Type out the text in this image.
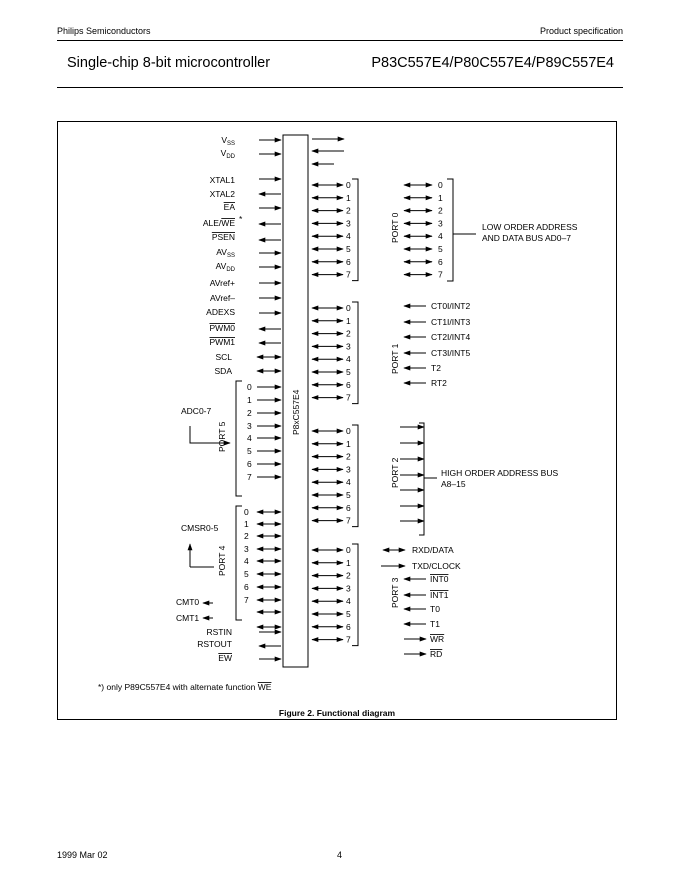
Philips Semiconductors	Product specification
Single-chip 8-bit microcontroller	P83C557E4/P80C557E4/P89C557E4
P8xC557E4
$V_{SS}$
$V_{DD}$
XTAL1
XTAL2
EA
ALE/WE *
PSEN
$AV_{SS}$
$AV_{DD}$
AVref+
AVref–
ADEXS
PWM0
PWM1
SCL
SDA
ADC0-7
CMSR0-5
CMT0
CMT1
RSTIN
RSTOUT
EW
PORT 5
PORT 4
PORT 0
PORT 1
PORT 2
PORT 3
LOW ORDER ADDRESS
AND DATA BUS AD0–7
HIGH ORDER ADDRESS BUS
A8–15
CT0I/INT2
CT1I/INT3
CT2I/INT4
CT3I/INT5
T2
RT2
RXD/DATA
TXD/CLOCK
INT0
INT1
T0
T1
WR
RD
*) only P89C557E4 with alternate function WE
Figure 2. Functional diagram
0
1
2
3
4
5
6
7
0
1
2
3
4
5
6
7
0
1
2
3
4
5
6
7
0
1
2
3
4
5
6
7
0
1
2
3
4
5
6
7
0
1
2
3
4
5
6
7
0
1
2
3
4
5
6
7
1999 Mar 02	4
